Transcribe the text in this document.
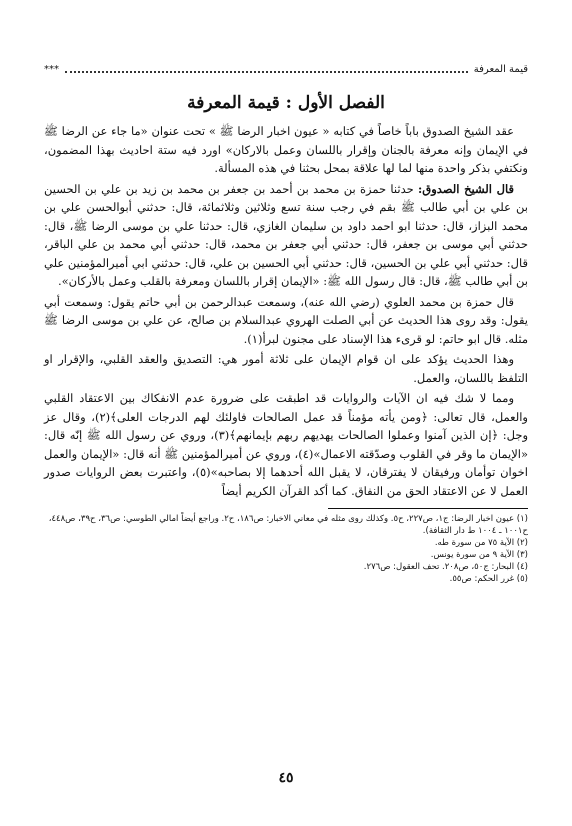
قيمة المعرفة
***
الفصل الأول : قيمة المعرفة

عقد الشيخ الصدوق باباً خاصاً في كتابه « عيون اخبار الرضا ﷺ » تحت عنوان «ما جاء عن الرضا ﷺ في الإيمان وإنه معرفة بالجنان وإقرار باللسان وعمل بالاركان» اورد فيه ستة احاديث بهذا المضمون، ونكتفي بذكر واحدة منها لما لها علاقة بمحل بحثنا في هذه المسألة.

قال الشيخ الصدوق: حدثنا حمزة بن محمد بن أحمد بن جعفر بن محمد بن زيد بن علي بن الحسين بن علي بن أبي طالب ﷺ بقم في رجب سنة تسع وثلاثين وثلاثمائة، قال: حدثني أبوالحسن علي بن محمد البزاز، قال: حدثنا ابو احمد داود بن سليمان الغازي، قال: حدثنا علي بن موسى الرضا ﷺ، قال: حدثني أبي موسى بن جعفر، قال: حدثني أبي جعفر بن محمد، قال: حدثني أبي محمد بن علي الباقر، قال: حدثني أبي علي بن الحسين، قال: حدثني أبي الحسين بن علي، قال: حدثني ابي أميرالمؤمنين علي بن أبي طالب ﷺ، قال: قال رسول الله ﷺ: «الإيمان إقرار باللسان ومعرفة بالقلب وعمل بالأركان».

قال حمزة بن محمد العلوي (رضي الله عنه)، وسمعت عبدالرحمن بن أبي حاتم يقول: وسمعت أبي يقول: وقد روى هذا الحديث عن أبي الصلت الهروي عبدالسلام بن صالح، عن علي بن موسى الرضا ﷺ مثله. قال ابو حاتم: لو قرىء هذا الإسناد على مجنون لبرأ(١).

وهذا الحديث يؤكد على ان قوام الإيمان على ثلاثة أمور هي: التصديق والعقد القلبي، والإقرار او التلفظ باللسان، والعمل.

ومما لا شك فيه ان الآيات والروايات قد اطبقت على ضرورة عدم الانفكاك بين الاعتقاد القلبي والعمل، قال تعالى: ﴿ومن يأته مؤمناً قد عمل الصالحات فاولئك لهم الدرجات العلى﴾(٢)، وقال عز وجل: ﴿إن الذين آمنوا وعملوا الصالحات يهديهم ربهم بإيمانهم﴾(٣)، وروي عن رسول الله ﷺ إنّه قال: «الإيمان ما وقر في القلوب وصدّقته الاعمال»(٤)، وروي عن أميرالمؤمنين ﷺ أنه قال: «الإيمان والعمل اخوان توأمان ورفيقان لا يفترقان، لا يقبل الله أحدهما إلا بصاحبه»(٥)، واعتبرت بعض الروايات صدور العمل لا عن الاعتقاد الحق من النفاق. كما أكد القرآن الكريم أيضاً

(١) عيون اخبار الرضا: ج١، ص٢٢٧، ح٥. وكذلك روى مثله في معاني الاخبار: ص١٨٦، ح٢. وراجع أيضاً امالي الطوسي: ص٣٦، ح٣٩، ص٤٤٨، ح١٠٠١ ـ ١٠٠٤ ط دار الثقافة).
(٢) الآية ٧٥ من سورة طه.
(٣) الآية ٩ من سورة يونس.
(٤) البحار: ج٥٠، ص٢٠٨. تحف العقول: ص٢٧٦.
(٥) غرر الحكم: ص٥٥.
٤٥
